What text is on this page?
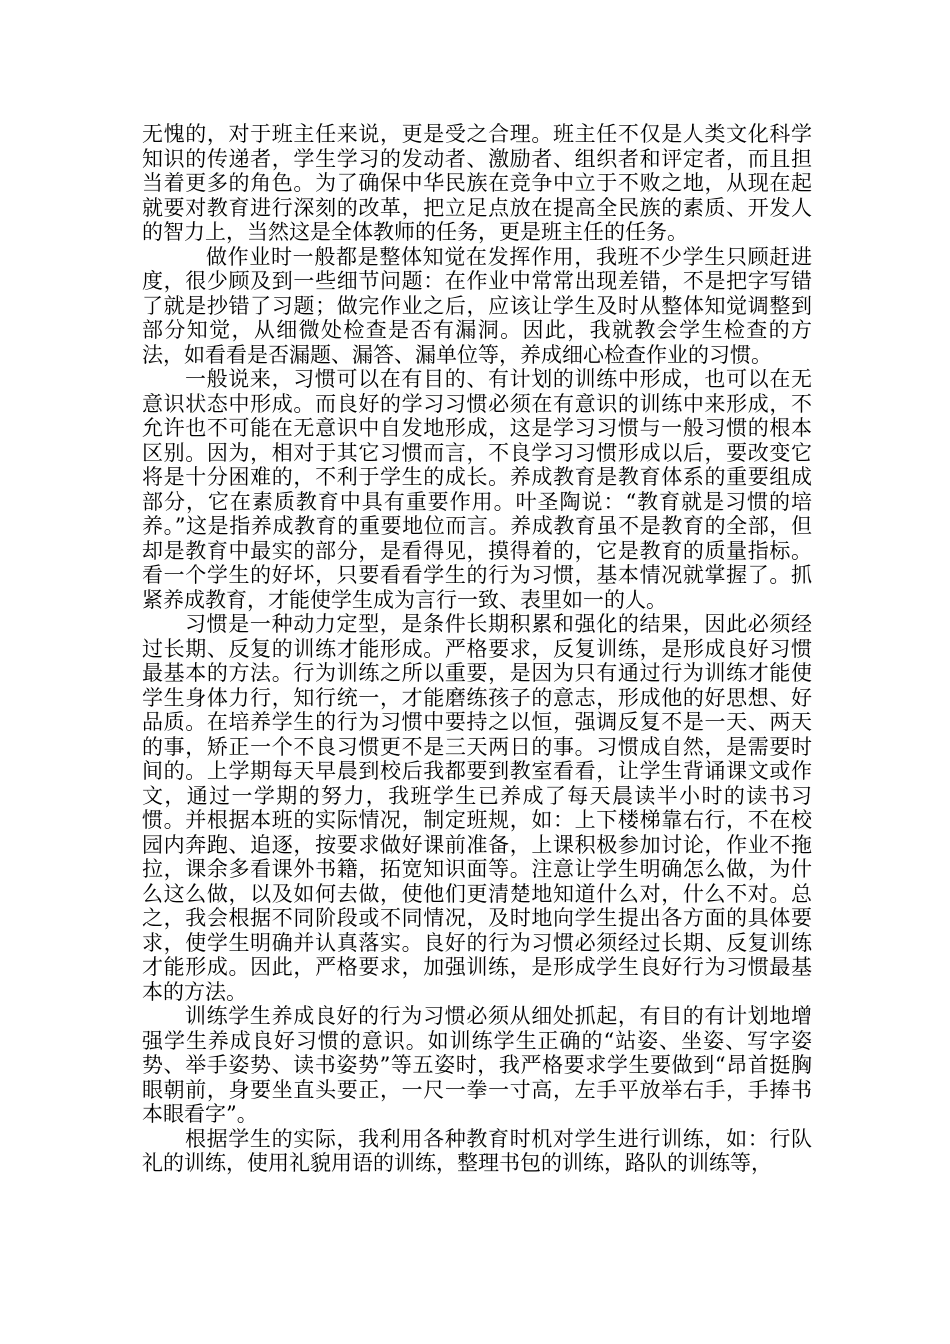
无愧的，对于班主任来说，更是受之合理。班主任不仅是人类文化科学知识的传递者，学生学习的发动者、激励者、组织者和评定者，而且担当着更多的角色。为了确保中华民族在竞争中立于不败之地，从现在起就要对教育进行深刻的改革，把立足点放在提高全民族的素质、开发人的智力上，当然这是全体教师的任务，更是班主任的任务。

做作业时一般都是整体知觉在发挥作用，我班不少学生只顾赶进度，很少顾及到一些细节问题：在作业中常常出现差错，不是把字写错了就是抄错了习题；做完作业之后，应该让学生及时从整体知觉调整到部分知觉，从细微处检查是否有漏洞。因此，我就教会学生检查的方法，如看看是否漏题、漏答、漏单位等，养成细心检查作业的习惯。

一般说来，习惯可以在有目的、有计划的训练中形成，也可以在无意识状态中形成。而良好的学习习惯必须在有意识的训练中来形成，不允许也不可能在无意识中自发地形成，这是学习习惯与一般习惯的根本区别。因为，相对于其它习惯而言，不良学习习惯形成以后，要改变它将是十分困难的，不利于学生的成长。养成教育是教育体系的重要组成部分，它在素质教育中具有重要作用。叶圣陶说：“教育就是习惯的培养。”这是指养成教育的重要地位而言。养成教育虽不是教育的全部，但却是教育中最实的部分，是看得见，摸得着的，它是教育的质量指标。看一个学生的好坏，只要看看学生的行为习惯，基本情况就掌握了。抓紧养成教育，才能使学生成为言行一致、表里如一的人。

习惯是一种动力定型，是条件长期积累和强化的结果，因此必须经过长期、反复的训练才能形成。严格要求，反复训练，是形成良好习惯最基本的方法。行为训练之所以重要，是因为只有通过行为训练才能使学生身体力行，知行统一，才能磨练孩子的意志，形成他的好思想、好品质。在培养学生的行为习惯中要持之以恒，强调反复不是一天、两天的事，矫正一个不良习惯更不是三天两日的事。习惯成自然，是需要时间的。上学期每天早晨到校后我都要到教室看看，让学生背诵课文或作文，通过一学期的努力，我班学生已养成了每天晨读半小时的读书习惯。并根据本班的实际情况，制定班规，如：上下楼梯靠右行，不在校园内奔跑、追逐，按要求做好课前准备，上课积极参加讨论，作业不拖拉，课余多看课外书籍，拓宽知识面等。注意让学生明确怎么做，为什么这么做，以及如何去做，使他们更清楚地知道什么对，什么不对。总之，我会根据不同阶段或不同情况，及时地向学生提出各方面的具体要求，使学生明确并认真落实。良好的行为习惯必须经过长期、反复训练才能形成。因此，严格要求，加强训练，是形成学生良好行为习惯最基本的方法。

训练学生养成良好的行为习惯必须从细处抓起，有目的有计划地增强学生养成良好习惯的意识。如训练学生正确的“站姿、坐姿、写字姿势、举手姿势、读书姿势”等五姿时，我严格要求学生要做到“昂首挺胸眼朝前，身要坐直头要正，一尺一拳一寸高，左手平放举右手，手捧书本眼看字”。

根据学生的实际，我利用各种教育时机对学生进行训练，如：行队礼的训练，使用礼貌用语的训练，整理书包的训练，路队的训练等，
